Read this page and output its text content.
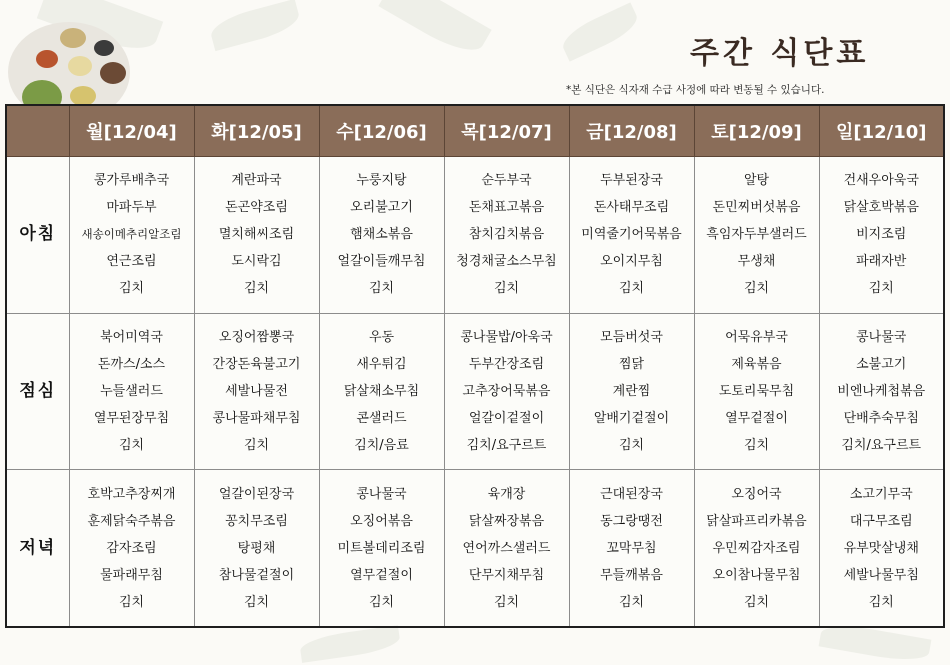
주간 식단표
*본 식단은 식자재 수급 사정에 따라 변동될 수 있습니다.
	월[12/04]	화[12/05]	수[12/06]	목[12/07]	금[12/08]	토[12/09]	일[12/10]
아침	콩가루배추국
마파두부
새송이메추리알조림
연근조림
김치	계란파국
돈곤약조림
멸치해씨조림
도시락김
김치	누룽지탕
오리불고기
햄채소볶음
얼갈이들깨무침
김치	순두부국
돈채표고볶음
참치김치볶음
청경채굴소스무침
김치	두부된장국
돈사태무조림
미역줄기어묵볶음
오이지무침
김치	알탕
돈민찌버섯볶음
흑임자두부샐러드
무생채
김치	건새우아욱국
닭살호박볶음
비지조림
파래자반
김치

점심	북어미역국
돈까스/소스
누들샐러드
열무된장무침
김치	오징어짬뽕국
간장돈육불고기
세발나물전
콩나물파채무침
김치	우동
새우튀김
닭살채소무침
콘샐러드
김치/음료	콩나물밥/아욱국
두부간장조림
고추장어묵볶음
얼갈이겉절이
김치/요구르트	모듬버섯국
찜닭
계란찜
알배기겉절이
김치	어묵유부국
제육볶음
도토리묵무침
열무겉절이
김치	콩나물국
소불고기
비엔나케첩볶음
단배추숙무침
김치/요구르트

저녁	호박고추장찌개
훈제닭숙주볶음
감자조림
물파래무침
김치	얼갈이된장국
꽁치무조림
탕평채
참나물겉절이
김치	콩나물국
오징어볶음
미트볼데리조림
열무겉절이
김치	육개장
닭살짜장볶음
연어까스샐러드
단무지채무침
김치	근대된장국
동그랑땡전
꼬막무침
무들깨볶음
김치	오징어국
닭살파프리카볶음
우민찌감자조림
오이참나물무침
김치	소고기무국
대구무조림
유부맛살냉채
세발나물무침
김치
